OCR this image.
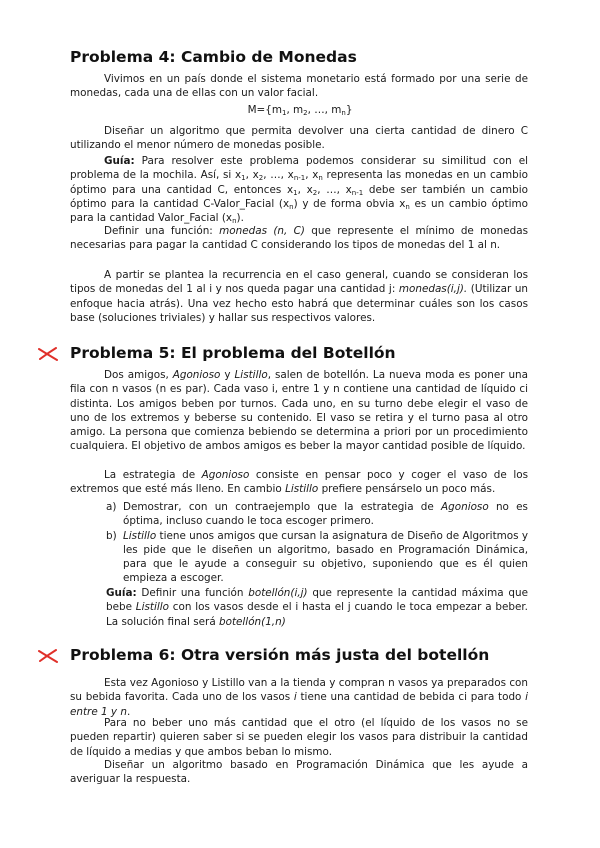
Problema 4: Cambio de Monedas

Vivimos en un país donde el sistema monetario está formado por una serie de monedas, cada una de ellas con un valor facial.

$M=\{m_1$, $m_2$, …, $m_n$}

Diseñar un algoritmo que permita devolver una cierta cantidad de dinero C utilizando el menor número de monedas posible.

Guía: Para resolver este problema podemos considerar su similitud con el problema de la mochila. Así, si $x_1$, $x_2$, …, $x_{n-1}$, $x_n$ representa las monedas en un cambio óptimo para una cantidad C, entonces $x_1$, $x_2$, …, $x_{n-1}$ debe ser también un cambio óptimo para la cantidad C-Valor_Facial $(x_n)$ y de forma obvia $x_n$ es un cambio óptimo para la cantidad Valor_Facial $(x_n)$.

Definir una función: monedas (n, C) que represente el mínimo de monedas necesarias para pagar la cantidad C considerando los tipos de monedas del 1 al n.

A partir se plantea la recurrencia en el caso general, cuando se consideran los tipos de monedas del 1 al i y nos queda pagar una cantidad j: monedas(i,j). (Utilizar un enfoque hacia atrás). Una vez hecho esto habrá que determinar cuáles son los casos base (soluciones triviales) y hallar sus respectivos valores.

Problema 5: El problema del Botellón

Dos amigos, Agonioso y Listillo, salen de botellón. La nueva moda es poner una fila con n vasos (n es par). Cada vaso i, entre 1 y n contiene una cantidad de líquido ci distinta. Los amigos beben por turnos. Cada uno, en su turno debe elegir el vaso de uno de los extremos y beberse su contenido. El vaso se retira y el turno pasa al otro amigo. La persona que comienza bebiendo se determina a priori por un procedimiento cualquiera. El objetivo de ambos amigos es beber la mayor cantidad posible de líquido.

La estrategia de Agonioso consiste en pensar poco y coger el vaso de los extremos que esté más lleno. En cambio Listillo prefiere pensárselo un poco más.

a) Demostrar, con un contraejemplo que la estrategia de Agonioso no es óptima, incluso cuando le toca escoger primero.
b) Listillo tiene unos amigos que cursan la asignatura de Diseño de Algoritmos y les pide que le diseñen un algoritmo, basado en Programación Dinámica, para que le ayude a conseguir su objetivo, suponiendo que es él quien empieza a escoger.

Guía: Definir una función botellón(i,j) que represente la cantidad máxima que bebe Listillo con los vasos desde el i hasta el j cuando le toca empezar a beber. La solución final será botellón(1,n)

Problema 6: Otra versión más justa del botellón

Esta vez Agonioso y Listillo van a la tienda y compran n vasos ya preparados con su bebida favorita. Cada uno de los vasos i tiene una cantidad de bebida ci para todo i entre 1 y n.

Para no beber uno más cantidad que el otro (el líquido de los vasos no se pueden repartir) quieren saber si se pueden elegir los vasos para distribuir la cantidad de líquido a medias y que ambos beban lo mismo.

Diseñar un algoritmo basado en Programación Dinámica que les ayude a averiguar la respuesta.
